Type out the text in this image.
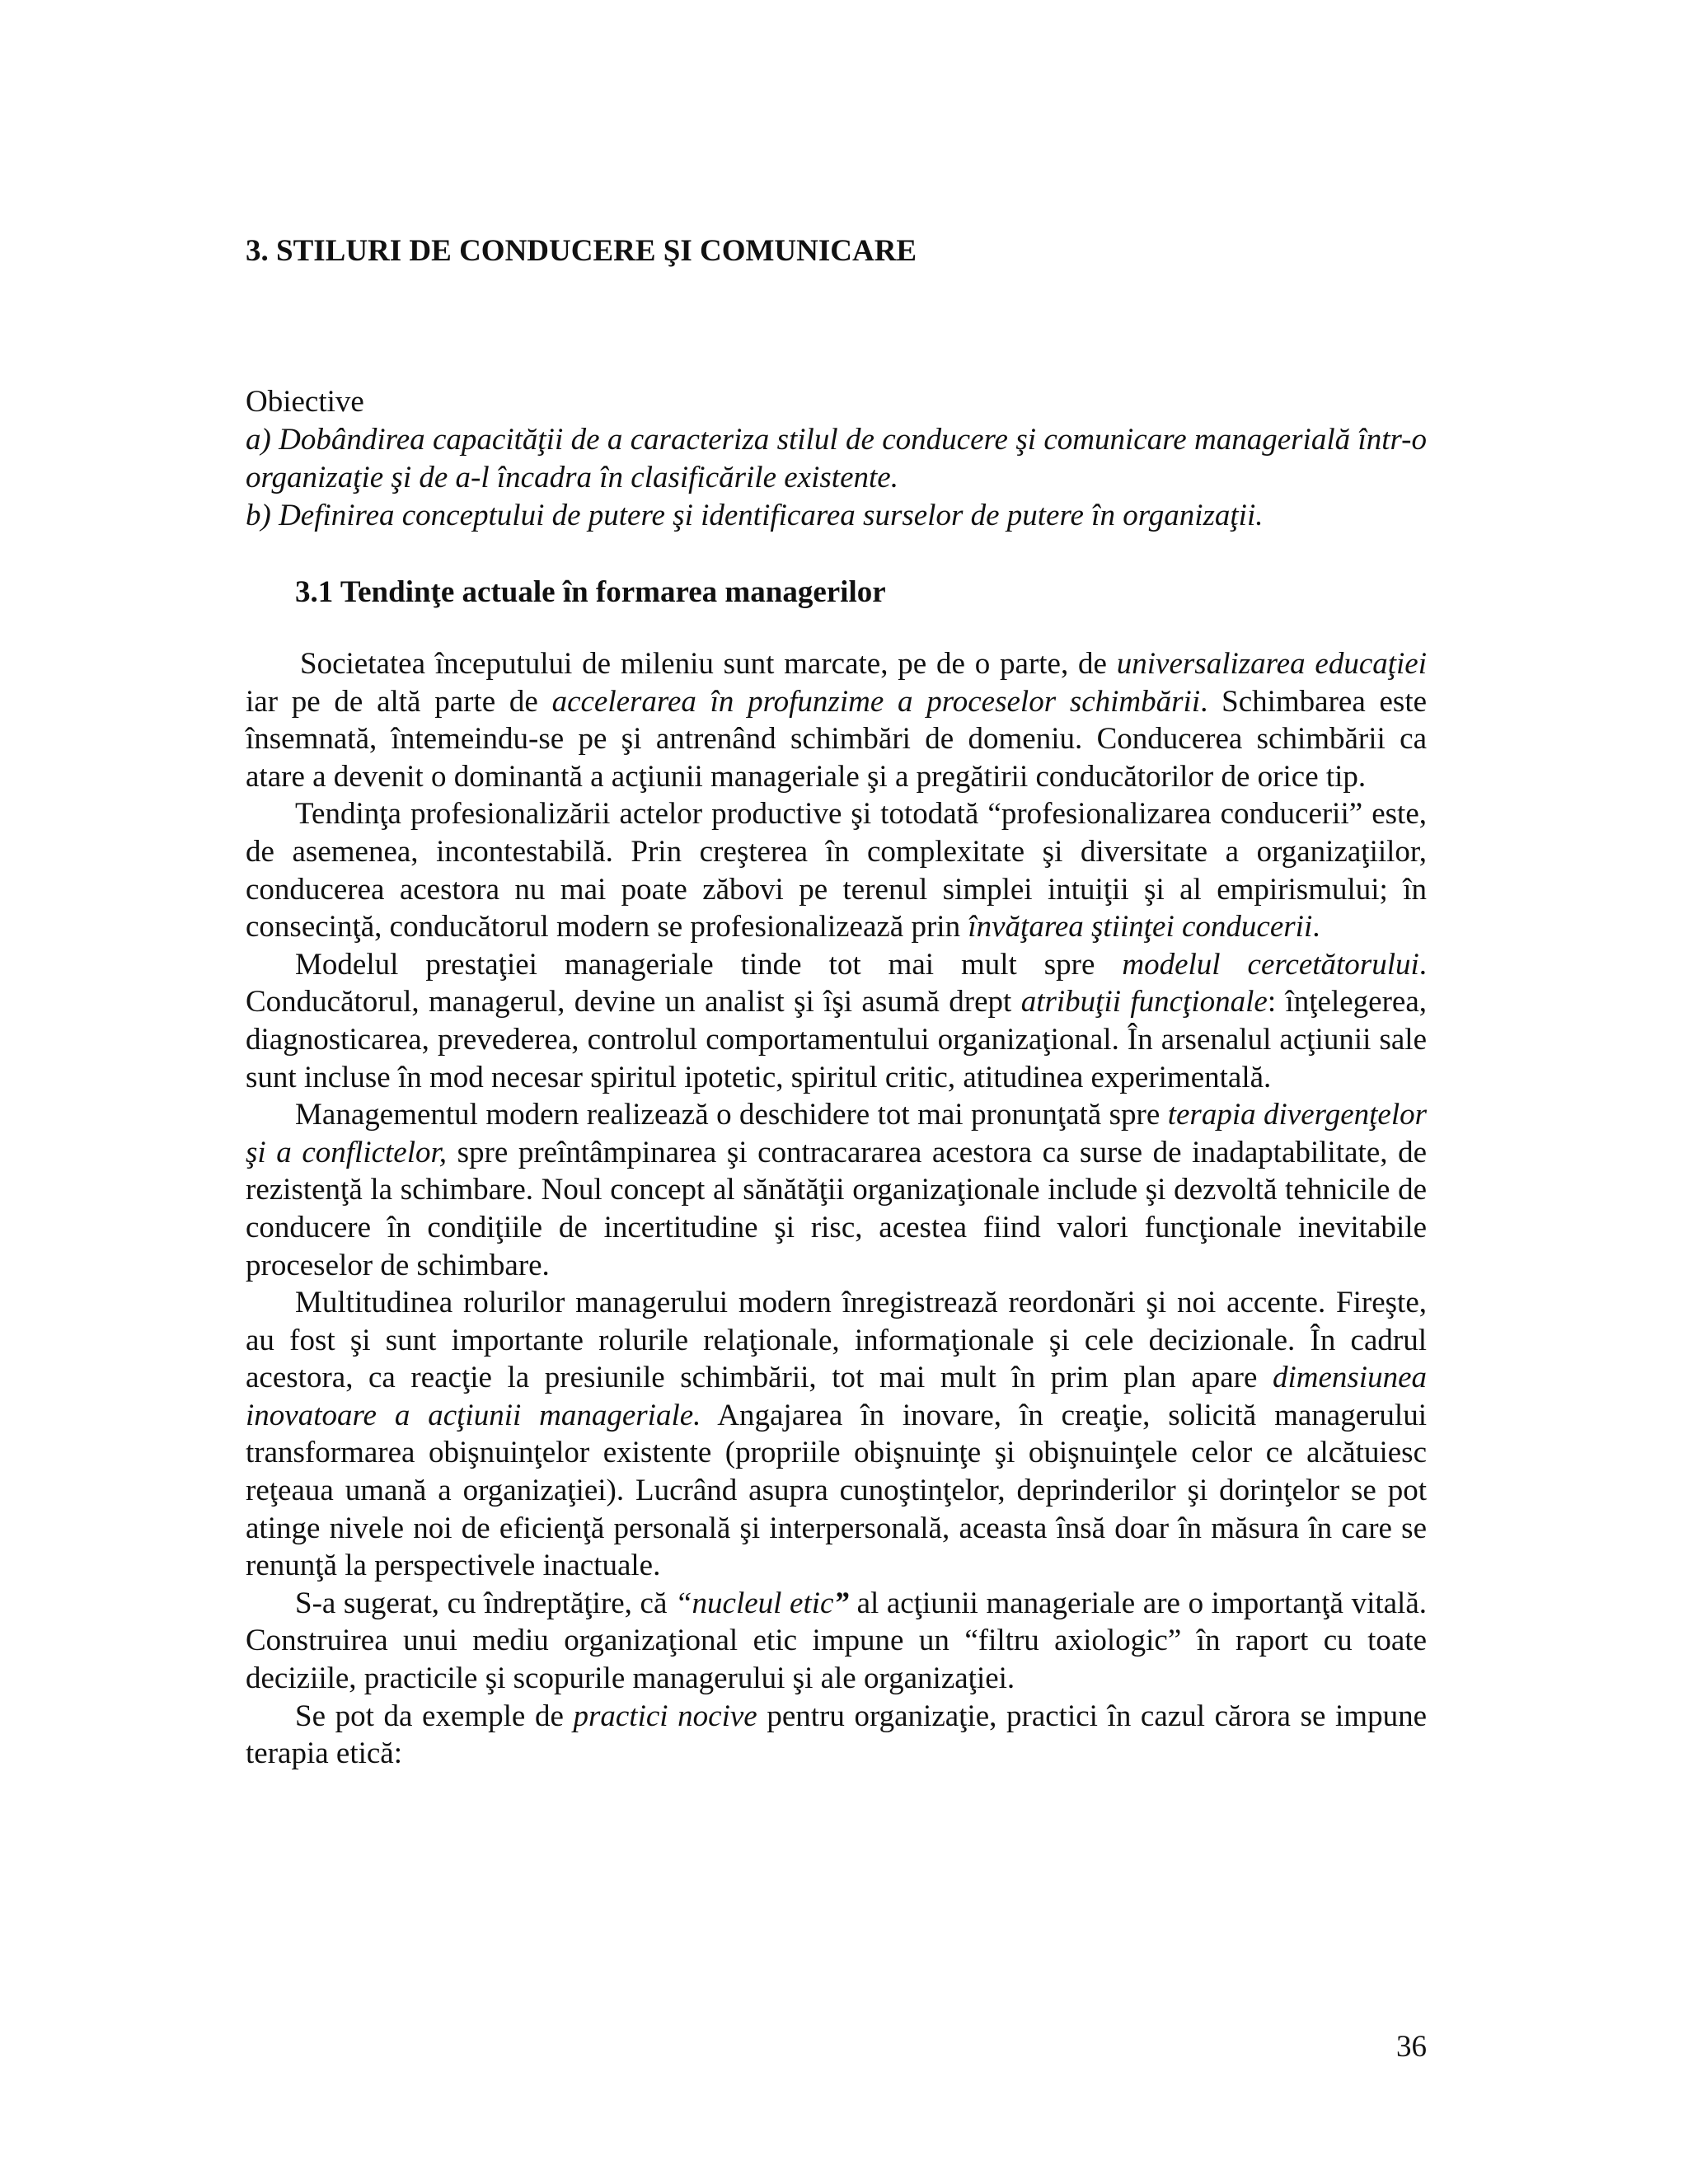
3. STILURI DE CONDUCERE ŞI COMUNICARE

Obiective

a) Dobândirea capacităţii de a caracteriza stilul de conducere şi comunicare managerială într-o organizaţie şi de a-l încadra în clasificările existente.

b) Definirea conceptului de putere şi identificarea surselor de putere în organizaţii.

3.1 Tendinţe actuale în formarea managerilor

Societatea începutului de mileniu sunt marcate, pe de o parte, de universalizarea educaţiei iar pe de altă parte de accelerarea în profunzime a proceselor schimbării. Schimbarea este însemnată, întemeindu-se pe şi antrenând schimbări de domeniu. Conducerea schimbării ca atare a devenit o dominantă a acţiunii manageriale şi a pregătirii conducătorilor de orice tip.

Tendinţa profesionalizării actelor productive şi totodată “profesionalizarea conducerii” este, de asemenea, incontestabilă. Prin creşterea în complexitate şi diversitate a organizaţiilor, conducerea acestora nu mai poate zăbovi pe terenul simplei intuiţii şi al empirismului; în consecinţă, conducătorul modern se profesionalizează prin învăţarea ştiinţei conducerii.

Modelul prestaţiei manageriale tinde tot mai mult spre modelul cercetătorului. Conducătorul, managerul, devine un analist şi îşi asumă drept atribuţii funcţionale: înţelegerea, diagnosticarea, prevederea, controlul comportamentului organizaţional. În arsenalul acţiunii sale sunt incluse în mod necesar spiritul ipotetic, spiritul critic, atitudinea experimentală.

Managementul modern realizează o deschidere tot mai pronunţată spre terapia divergenţelor şi a conflictelor, spre preîntâmpinarea şi contracararea acestora ca surse de inadaptabilitate, de rezistenţă la schimbare. Noul concept al sănătăţii organizaţionale include şi dezvoltă tehnicile de conducere în condiţiile de incertitudine şi risc, acestea fiind valori funcţionale inevitabile proceselor de schimbare.

Multitudinea rolurilor managerului modern înregistrează reordonări şi noi accente. Fireşte, au fost şi sunt importante rolurile relaţionale, informaţionale şi cele decizionale. În cadrul acestora, ca reacţie la presiunile schimbării, tot mai mult în prim plan apare dimensiunea inovatoare a acţiunii manageriale. Angajarea în inovare, în creaţie, solicită managerului transformarea obişnuinţelor existente (propriile obişnuinţe şi obişnuinţele celor ce alcătuiesc reţeaua umană a organizaţiei). Lucrând asupra cunoştinţelor, deprinderilor şi dorinţelor se pot atinge nivele noi de eficienţă personală şi interpersonală, aceasta însă doar în măsura în care se renunţă la perspectivele inactuale.

S-a sugerat, cu îndreptăţire, că “nucleul etic” al acţiunii manageriale are o importanţă vitală. Construirea unui mediu organizaţional etic impune un “filtru axiologic” în raport cu toate deciziile, practicile şi scopurile managerului şi ale organizaţiei.

Se pot da exemple de practici nocive pentru organizaţie, practici în cazul cărora se impune terapia etică:

36
